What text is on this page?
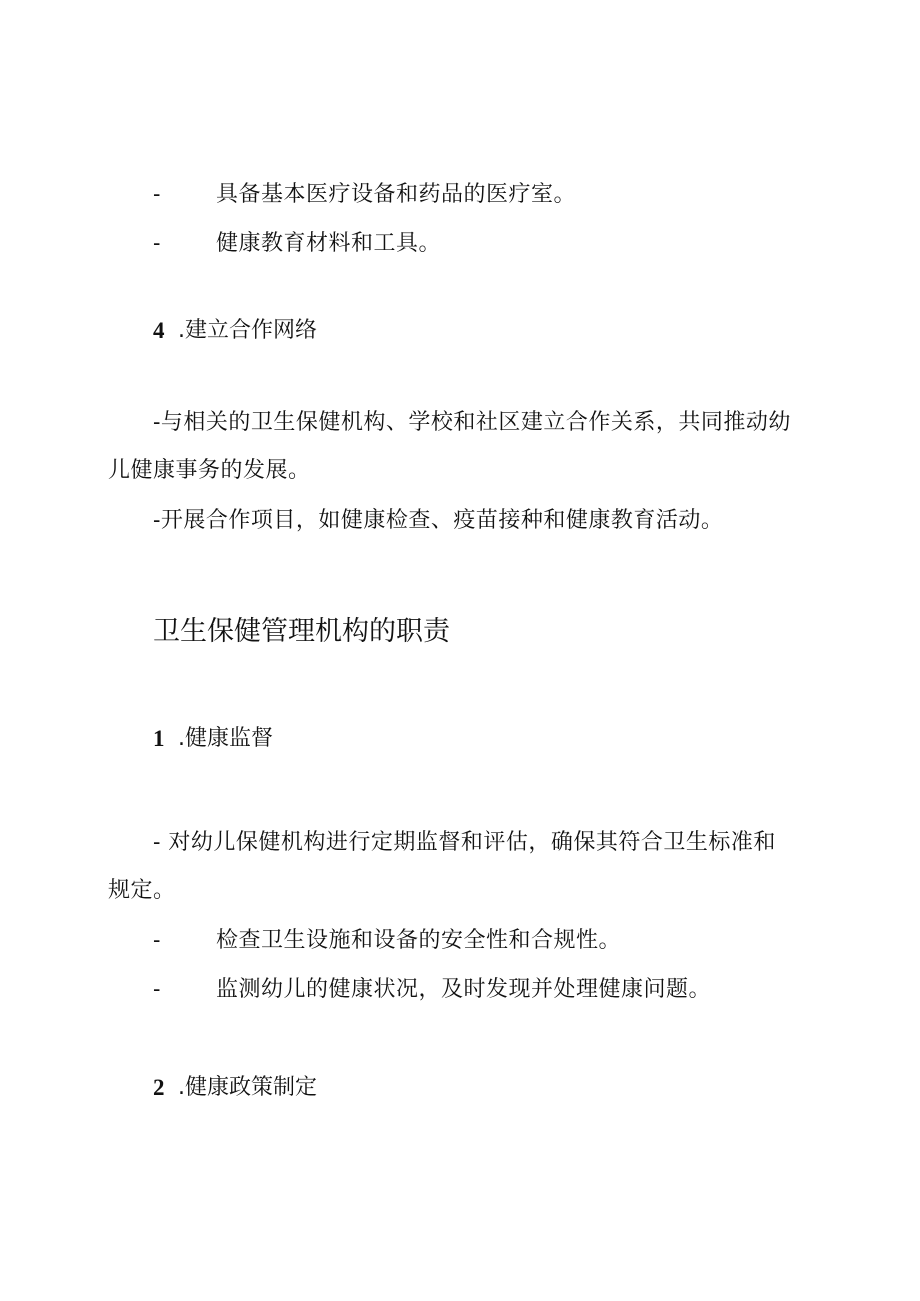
-	具备基本医疗设备和药品的医疗室。
-	健康教育材料和工具。
4 .建立合作网络
-与相关的卫生保健机构、学校和社区建立合作关系，共同推动幼
儿健康事务的发展。
-开展合作项目，如健康检查、疫苗接种和健康教育活动。
卫生保健管理机构的职责
1 .健康监督
- 对幼儿保健机构进行定期监督和评估，确保其符合卫生标准和
规定。
-	检查卫生设施和设备的安全性和合规性。
-	监测幼儿的健康状况，及时发现并处理健康问题。
2 .健康政策制定
